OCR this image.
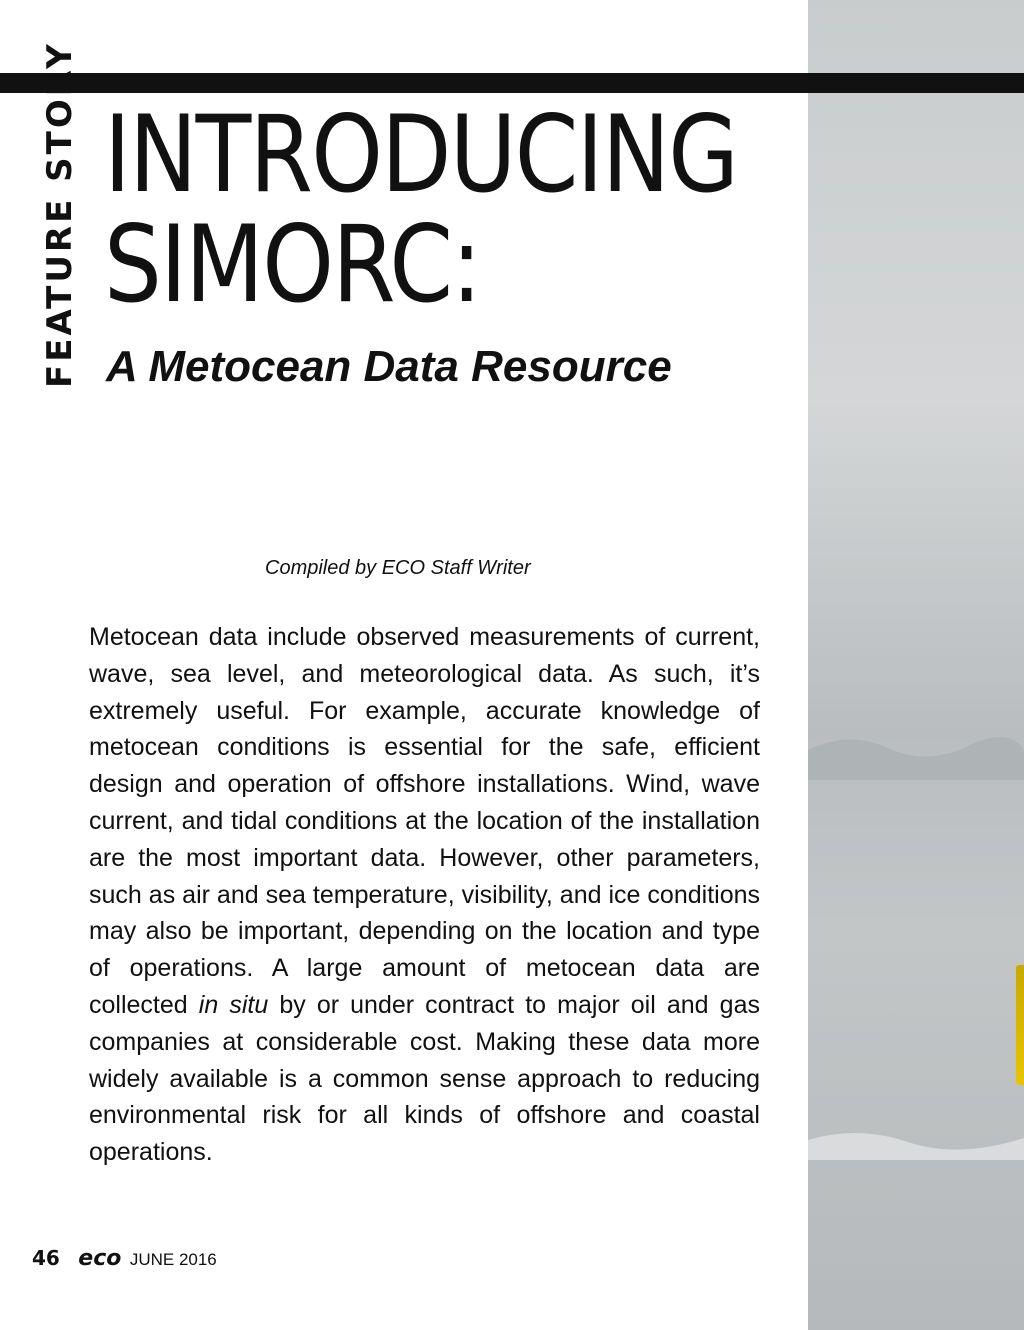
FEATURE STORY INTRODUCING
SIMORC:
A Metocean Data Resource
Compiled by ECO Staff Writer

Metocean data include observed measurements of current, wave, sea level, and meteorological data. As such, it’s extremely useful. For example, accurate knowledge of metocean conditions is essential for the safe, efficient design and operation of offshore installations. Wind, wave current, and tidal conditions at the location of the installation are the most important data. However, other parameters, such as air and sea temperature, visibility, and ice conditions may also be important, depending on the location and type of operations. A large amount of metocean data are collected in situ by or under contract to major oil and gas companies at considerable cost. Making these data more widely available is a common sense approach to reducing environmental risk for all kinds of offshore and coastal operations.

46 eco JUNE 2016
